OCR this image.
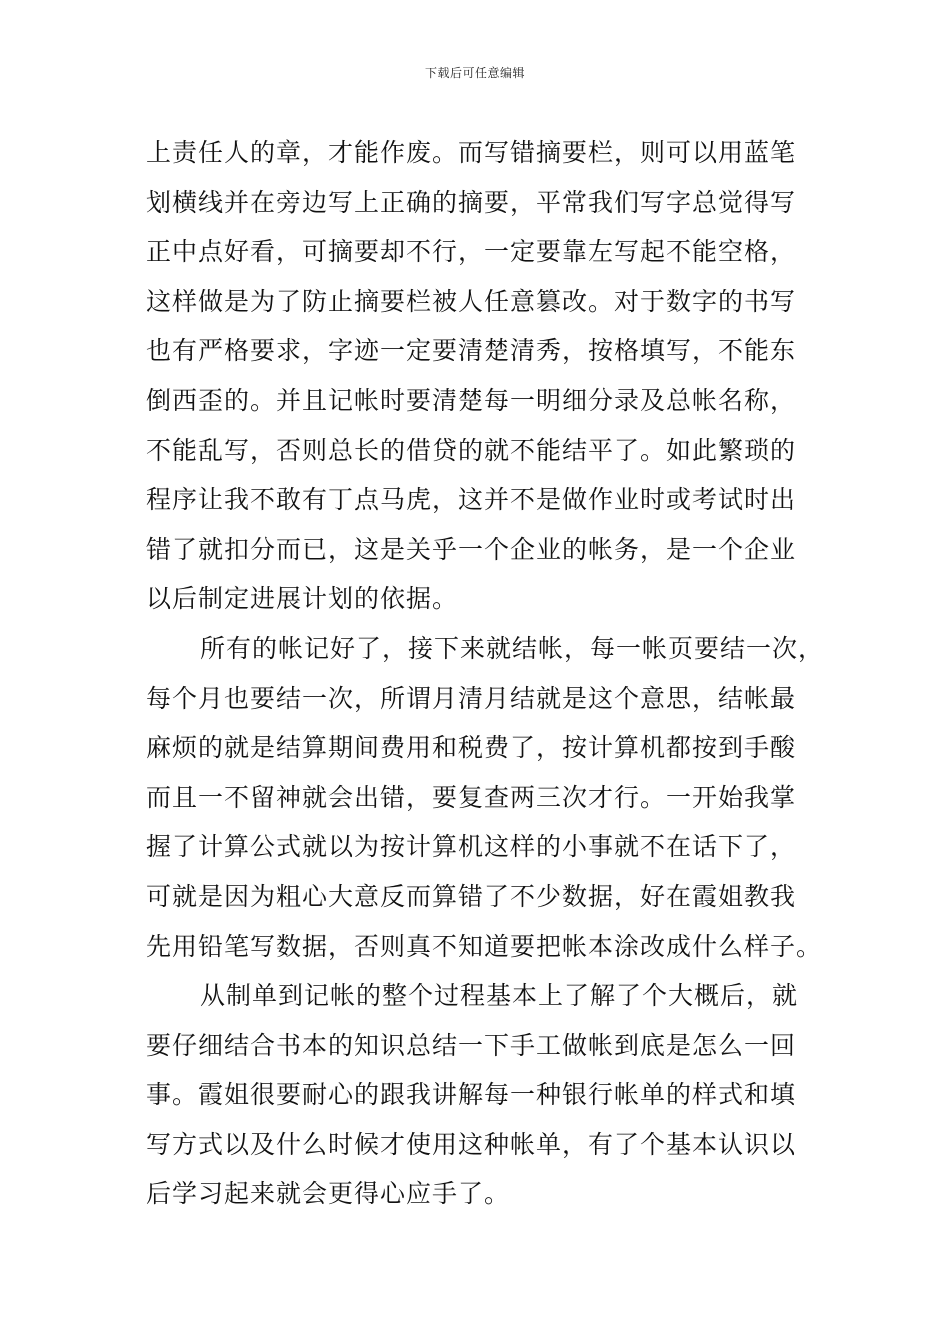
下载后可任意编辑
上责任人的章，才能作废。而写错摘要栏，则可以用蓝笔
划横线并在旁边写上正确的摘要，平常我们写字总觉得写
正中点好看，可摘要却不行，一定要靠左写起不能空格，
这样做是为了防止摘要栏被人任意篡改。对于数字的书写
也有严格要求，字迹一定要清楚清秀，按格填写，不能东
倒西歪的。并且记帐时要清楚每一明细分录及总帐名称，
不能乱写，否则总长的借贷的就不能结平了。如此繁琐的
程序让我不敢有丁点马虎，这并不是做作业时或考试时出
错了就扣分而已，这是关乎一个企业的帐务，是一个企业
以后制定进展计划的依据。
所有的帐记好了，接下来就结帐，每一帐页要结一次，
每个月也要结一次，所谓月清月结就是这个意思，结帐最
麻烦的就是结算期间费用和税费了，按计算机都按到手酸
而且一不留神就会出错，要复查两三次才行。一开始我掌
握了计算公式就以为按计算机这样的小事就不在话下了，
可就是因为粗心大意反而算错了不少数据，好在霞姐教我
先用铅笔写数据，否则真不知道要把帐本涂改成什么样子。
从制单到记帐的整个过程基本上了解了个大概后，就
要仔细结合书本的知识总结一下手工做帐到底是怎么一回
事。霞姐很要耐心的跟我讲解每一种银行帐单的样式和填
写方式以及什么时候才使用这种帐单，有了个基本认识以
后学习起来就会更得心应手了。
